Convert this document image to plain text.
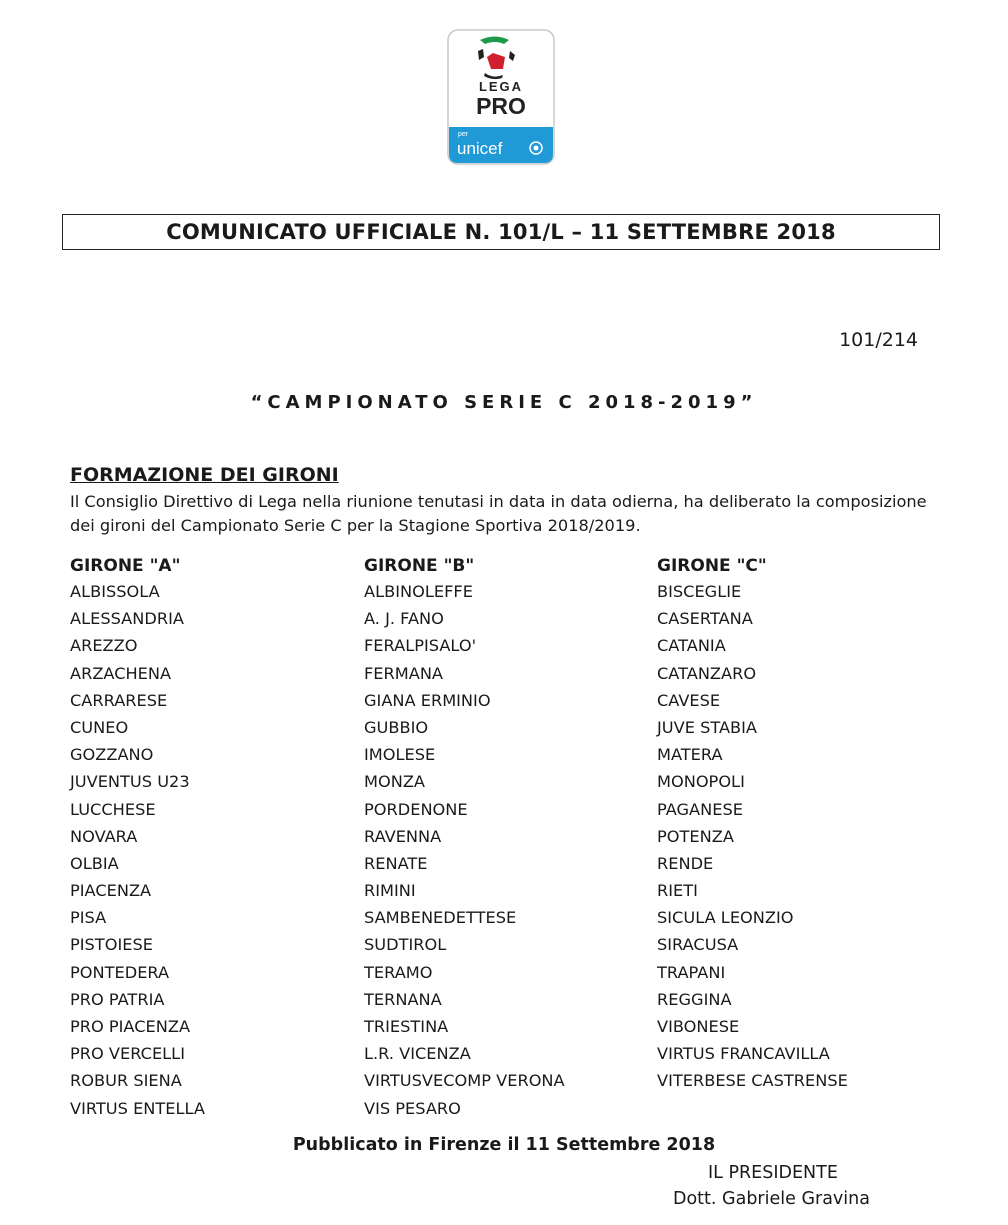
LEGA
PRO
per
unicef
COMUNICATO UFFICIALE N. 101/L – 11 SETTEMBRE 2018
101/214
“CAMPIONATO SERIE C 2018-2019”
FORMAZIONE DEI GIRONI
Il Consiglio Direttivo di Lega nella riunione tenutasi in data in data odierna, ha deliberato la composizione
dei gironi del Campionato Serie C per la Stagione Sportiva 2018/2019.
GIRONE "A"
ALBISSOLA
ALESSANDRIA
AREZZO
ARZACHENA
CARRARESE
CUNEO
GOZZANO
JUVENTUS U23
LUCCHESE
NOVARA
OLBIA
PIACENZA
PISA
PISTOIESE
PONTEDERA
PRO PATRIA
PRO PIACENZA
PRO VERCELLI
ROBUR SIENA
VIRTUS ENTELLA
GIRONE "B"
ALBINOLEFFE
A. J. FANO
FERALPISALO'
FERMANA
GIANA ERMINIO
GUBBIO
IMOLESE
MONZA
PORDENONE
RAVENNA
RENATE
RIMINI
SAMBENEDETTESE
SUDTIROL
TERAMO
TERNANA
TRIESTINA
L.R. VICENZA
VIRTUSVECOMP VERONA
VIS PESARO
GIRONE "C"
BISCEGLIE
CASERTANA
CATANIA
CATANZARO
CAVESE
JUVE STABIA
MATERA
MONOPOLI
PAGANESE
POTENZA
RENDE
RIETI
SICULA LEONZIO
SIRACUSA
TRAPANI
REGGINA
VIBONESE
VIRTUS FRANCAVILLA
VITERBESE CASTRENSE
Pubblicato in Firenze il 11 Settembre 2018
IL PRESIDENTE
Dott. Gabriele Gravina
